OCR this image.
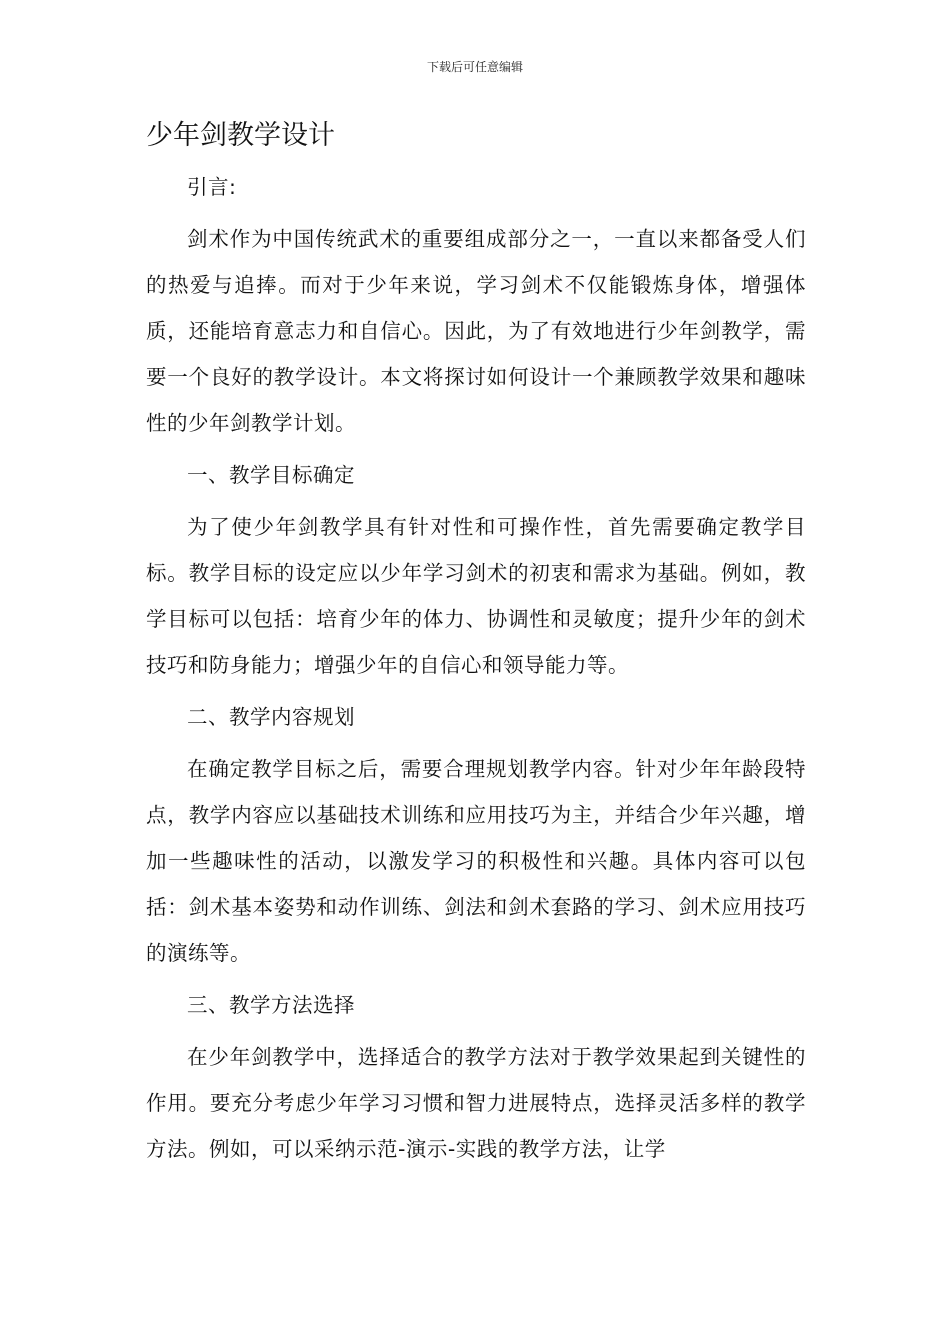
下载后可任意编辑
少年剑教学设计

引言:

剑术作为中国传统武术的重要组成部分之一，一直以来都备受人们的热爱与追捧。而对于少年来说，学习剑术不仅能锻炼身体，增强体质，还能培育意志力和自信心。因此，为了有效地进行少年剑教学，需要一个良好的教学设计。本文将探讨如何设计一个兼顾教学效果和趣味性的少年剑教学计划。

一、教学目标确定

为了使少年剑教学具有针对性和可操作性，首先需要确定教学目标。教学目标的设定应以少年学习剑术的初衷和需求为基础。例如，教学目标可以包括：培育少年的体力、协调性和灵敏度；提升少年的剑术技巧和防身能力；增强少年的自信心和领导能力等。

二、教学内容规划

在确定教学目标之后，需要合理规划教学内容。针对少年年龄段特点，教学内容应以基础技术训练和应用技巧为主，并结合少年兴趣，增加一些趣味性的活动，以激发学习的积极性和兴趣。具体内容可以包括：剑术基本姿势和动作训练、剑法和剑术套路的学习、剑术应用技巧的演练等。

三、教学方法选择

在少年剑教学中，选择适合的教学方法对于教学效果起到关键性的作用。要充分考虑少年学习习惯和智力进展特点，选择灵活多样的教学方法。例如，可以采纳示范-演示-实践的教学方法，让学
